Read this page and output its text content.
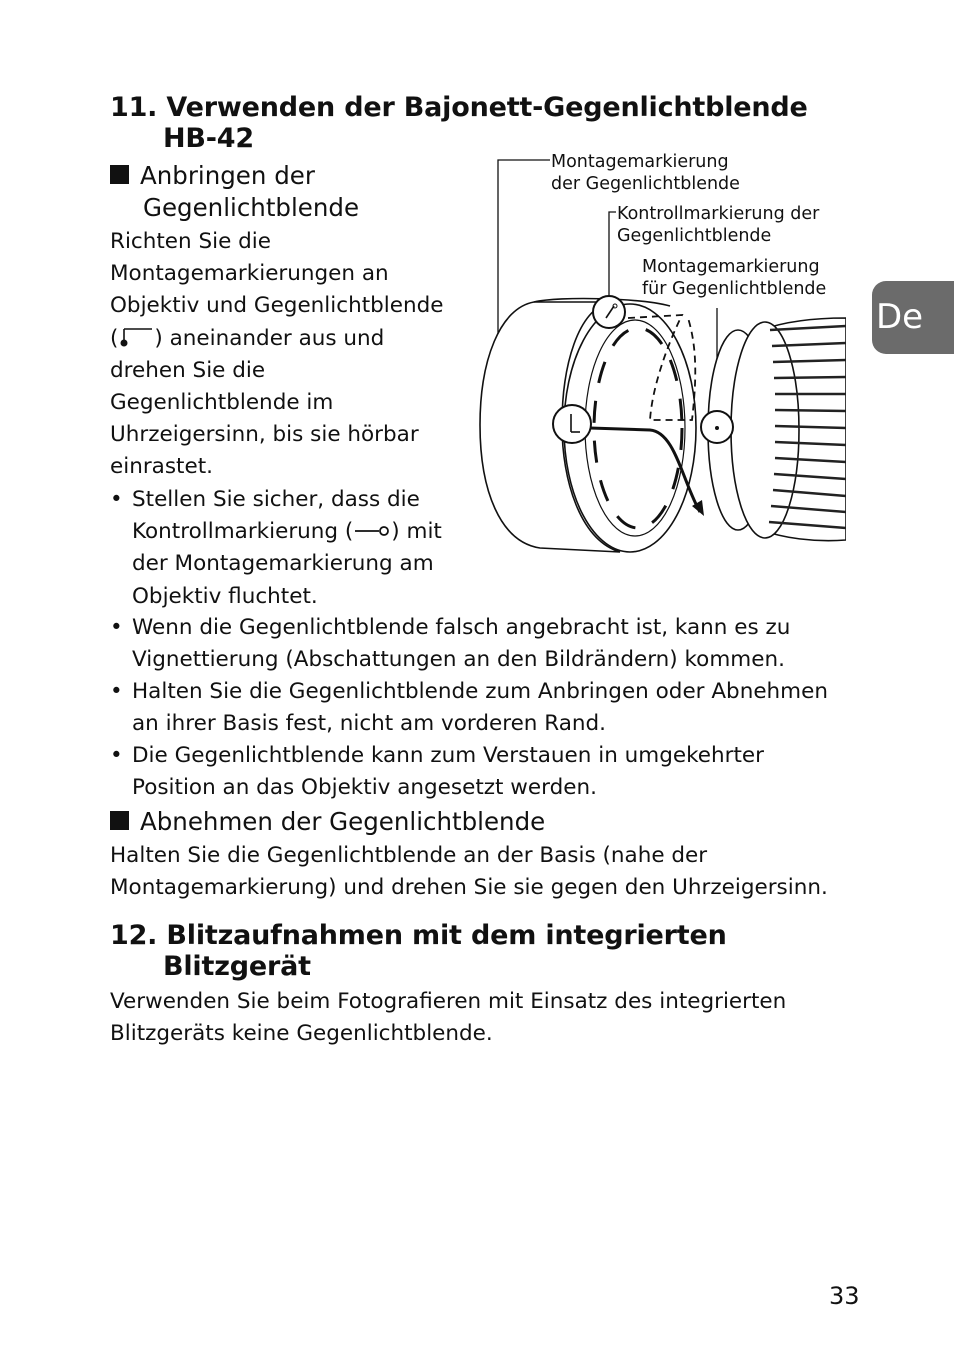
11. Verwenden der Bajonett-Gegenlichtblende
HB-42
Anbringen der
Gegenlichtblende
Richten Sie die
Montagemarkierungen an
Objektiv und Gegenlichtblende
( ) aneinander aus und
drehen Sie die
Gegenlichtblende im
Uhrzeigersinn, bis sie hörbar
einrastet.
• Stellen Sie sicher, dass die
Kontrollmarkierung ( ) mit
der Montagemarkierung am
Objektiv fluchtet.
• Wenn die Gegenlichtblende falsch angebracht ist, kann es zu
Vignettierung (Abschattungen an den Bildrändern) kommen.
• Halten Sie die Gegenlichtblende zum Anbringen oder Abnehmen
an ihrer Basis fest, nicht am vorderen Rand.
• Die Gegenlichtblende kann zum Verstauen in umgekehrter
Position an das Objektiv angesetzt werden.
Abnehmen der Gegenlichtblende
Halten Sie die Gegenlichtblende an der Basis (nahe der
Montagemarkierung) und drehen Sie sie gegen den Uhrzeigersinn.
12. Blitzaufnahmen mit dem integrierten
Blitzgerät
Verwenden Sie beim Fotografieren mit Einsatz des integrierten
Blitzgeräts keine Gegenlichtblende.
Montagemarkierung
der Gegenlichtblende
Kontrollmarkierung der
Gegenlichtblende
Montagemarkierung
für Gegenlichtblende
De
33
